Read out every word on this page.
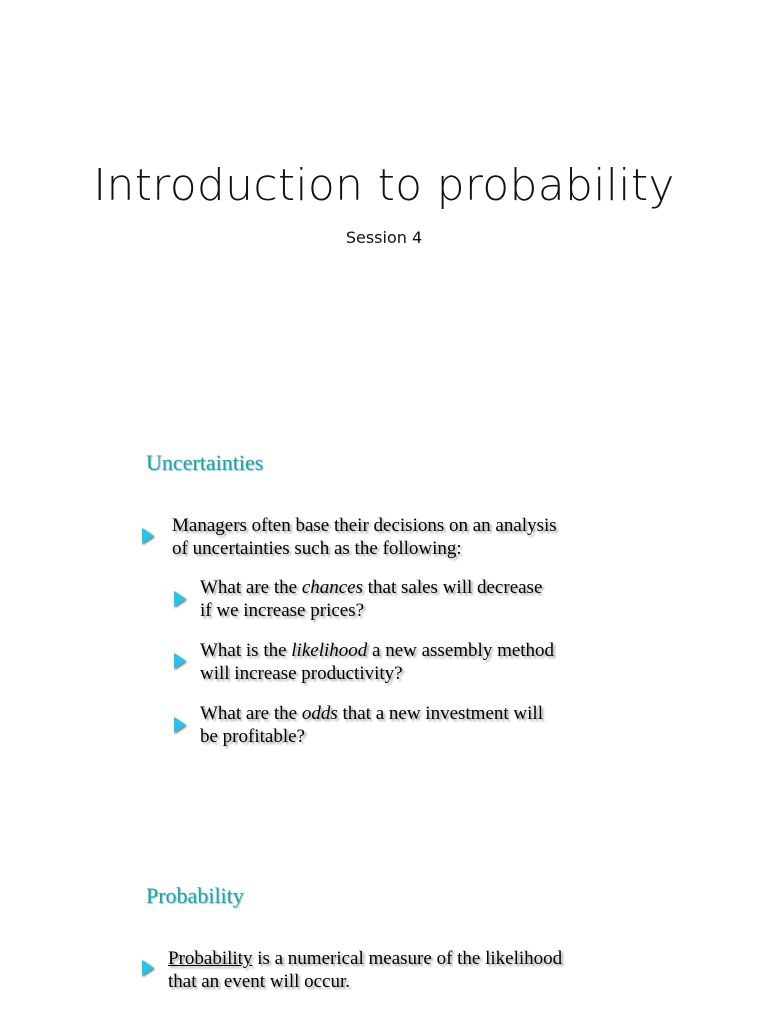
Introduction to probability
Session 4
Uncertainties
Managers often base their decisions on an analysis
of uncertainties such as the following:
What are the chances that sales will decrease
if we increase prices?
What is the likelihood a new assembly method
will increase productivity?
What are the odds that a new investment will
be profitable?
Probability
Probability is a numerical measure of the likelihood
that an event will occur.
